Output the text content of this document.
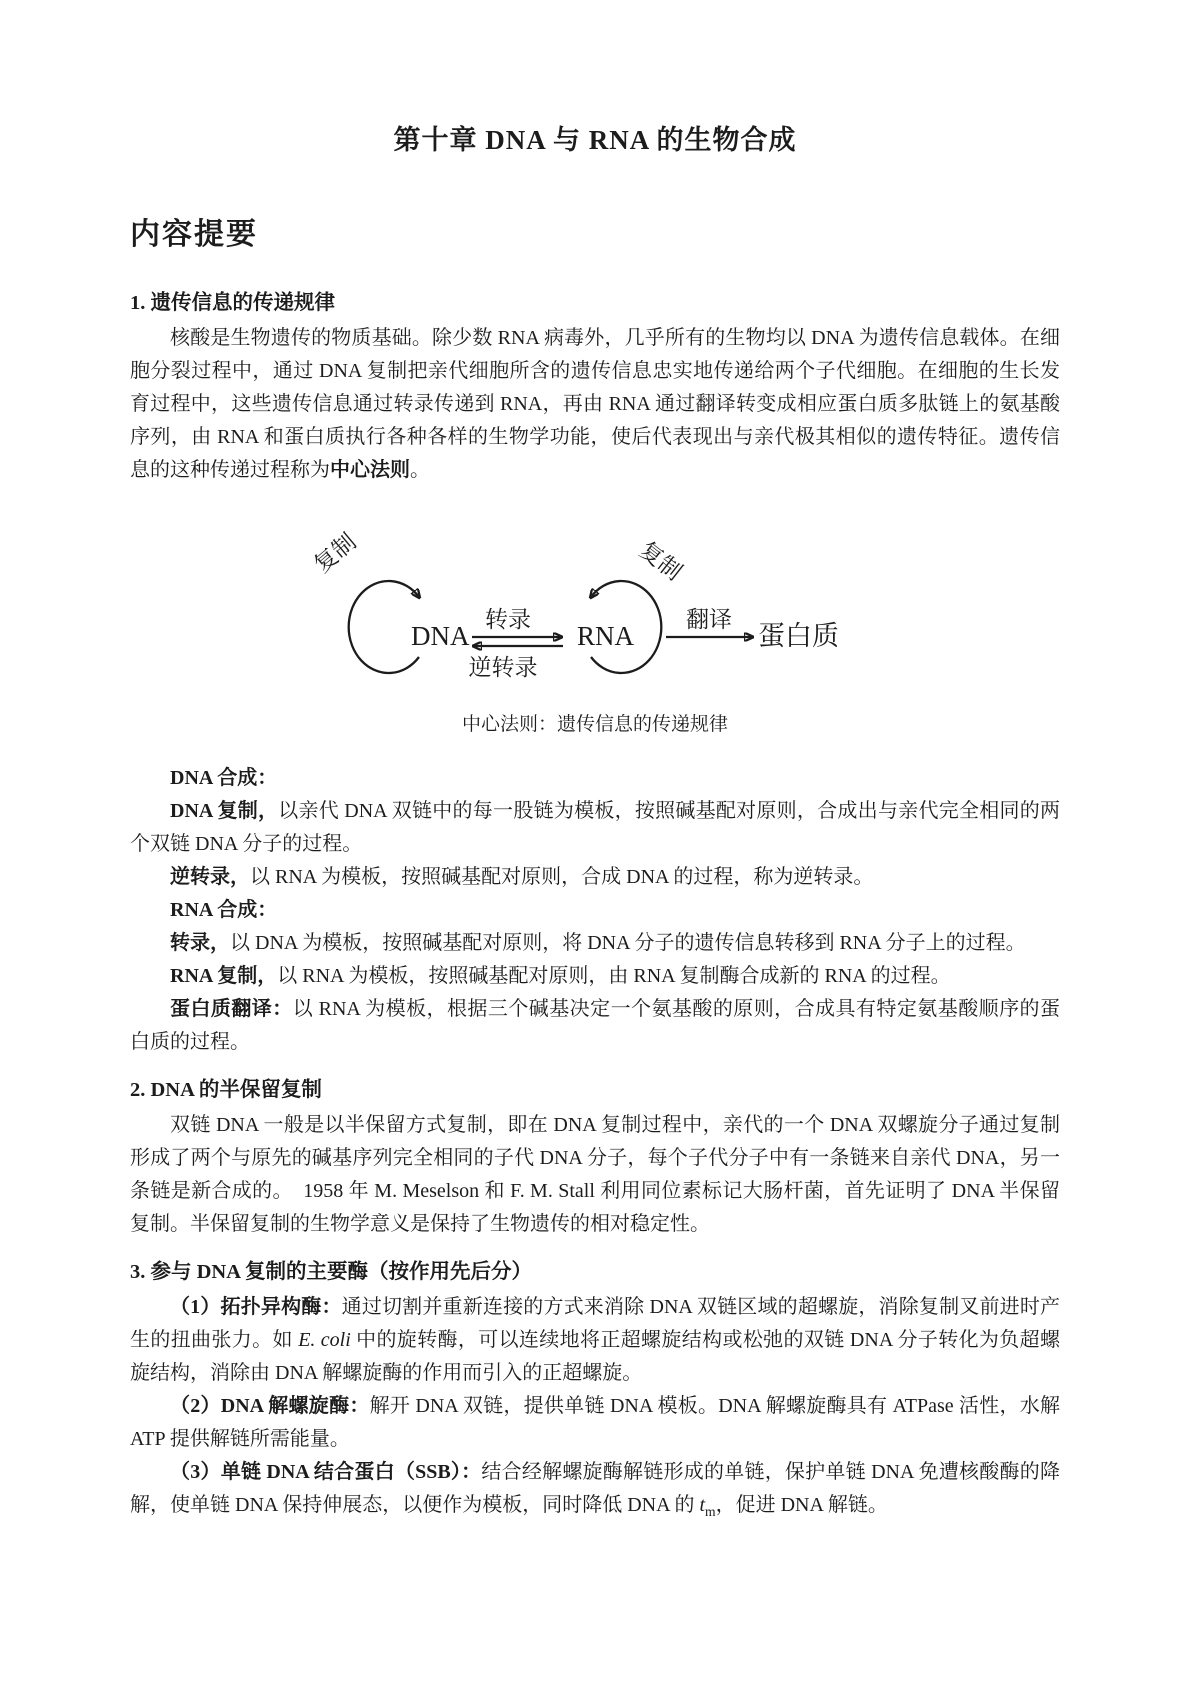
第十章 DNA 与 RNA 的生物合成
内容提要

1. 遗传信息的传递规律

核酸是生物遗传的物质基础。除少数 RNA 病毒外，几乎所有的生物均以 DNA 为遗传信息载体。在细胞分裂过程中，通过 DNA 复制把亲代细胞所含的遗传信息忠实地传递给两个子代细胞。在细胞的生长发育过程中，这些遗传信息通过转录传递到 RNA，再由 RNA 通过翻译转变成相应蛋白质多肽链上的氨基酸序列，由 RNA 和蛋白质执行各种各样的生物学功能，使后代表现出与亲代极其相似的遗传特征。遗传信息的这种传递过程称为中心法则。

复制
DNA
转录
逆转录
RNA
复制
翻译
蛋白质
中心法则：遗传信息的传递规律

DNA 合成：

DNA 复制，以亲代 DNA 双链中的每一股链为模板，按照碱基配对原则，合成出与亲代完全相同的两个双链 DNA 分子的过程。

逆转录，以 RNA 为模板，按照碱基配对原则，合成 DNA 的过程，称为逆转录。

RNA 合成：

转录，以 DNA 为模板，按照碱基配对原则，将 DNA 分子的遗传信息转移到 RNA 分子上的过程。

RNA 复制，以 RNA 为模板，按照碱基配对原则，由 RNA 复制酶合成新的 RNA 的过程。

蛋白质翻译：以 RNA 为模板，根据三个碱基决定一个氨基酸的原则，合成具有特定氨基酸顺序的蛋白质的过程。

2. DNA 的半保留复制

双链 DNA 一般是以半保留方式复制，即在 DNA 复制过程中，亲代的一个 DNA 双螺旋分子通过复制形成了两个与原先的碱基序列完全相同的子代 DNA 分子，每个子代分子中有一条链来自亲代 DNA，另一条链是新合成的。　1958 年 M. Meselson 和 F. M. Stall 利用同位素标记大肠杆菌，首先证明了 DNA 半保留复制。半保留复制的生物学意义是保持了生物遗传的相对稳定性。

3. 参与 DNA 复制的主要酶（按作用先后分）

（1）拓扑异构酶：通过切割并重新连接的方式来消除 DNA 双链区域的超螺旋，消除复制叉前进时产生的扭曲张力。如 E. coli 中的旋转酶，可以连续地将正超螺旋结构或松弛的双链 DNA 分子转化为负超螺旋结构，消除由 DNA 解螺旋酶的作用而引入的正超螺旋。

（2）DNA 解螺旋酶：解开 DNA 双链，提供单链 DNA 模板。DNA 解螺旋酶具有 ATPase 活性，水解 ATP 提供解链所需能量。

（3）单链 DNA 结合蛋白（SSB）：结合经解螺旋酶解链形成的单链，保护单链 DNA 免遭核酸酶的降解，使单链 DNA 保持伸展态，以便作为模板，同时降低 DNA 的 $t_m$，促进 DNA 解链。
